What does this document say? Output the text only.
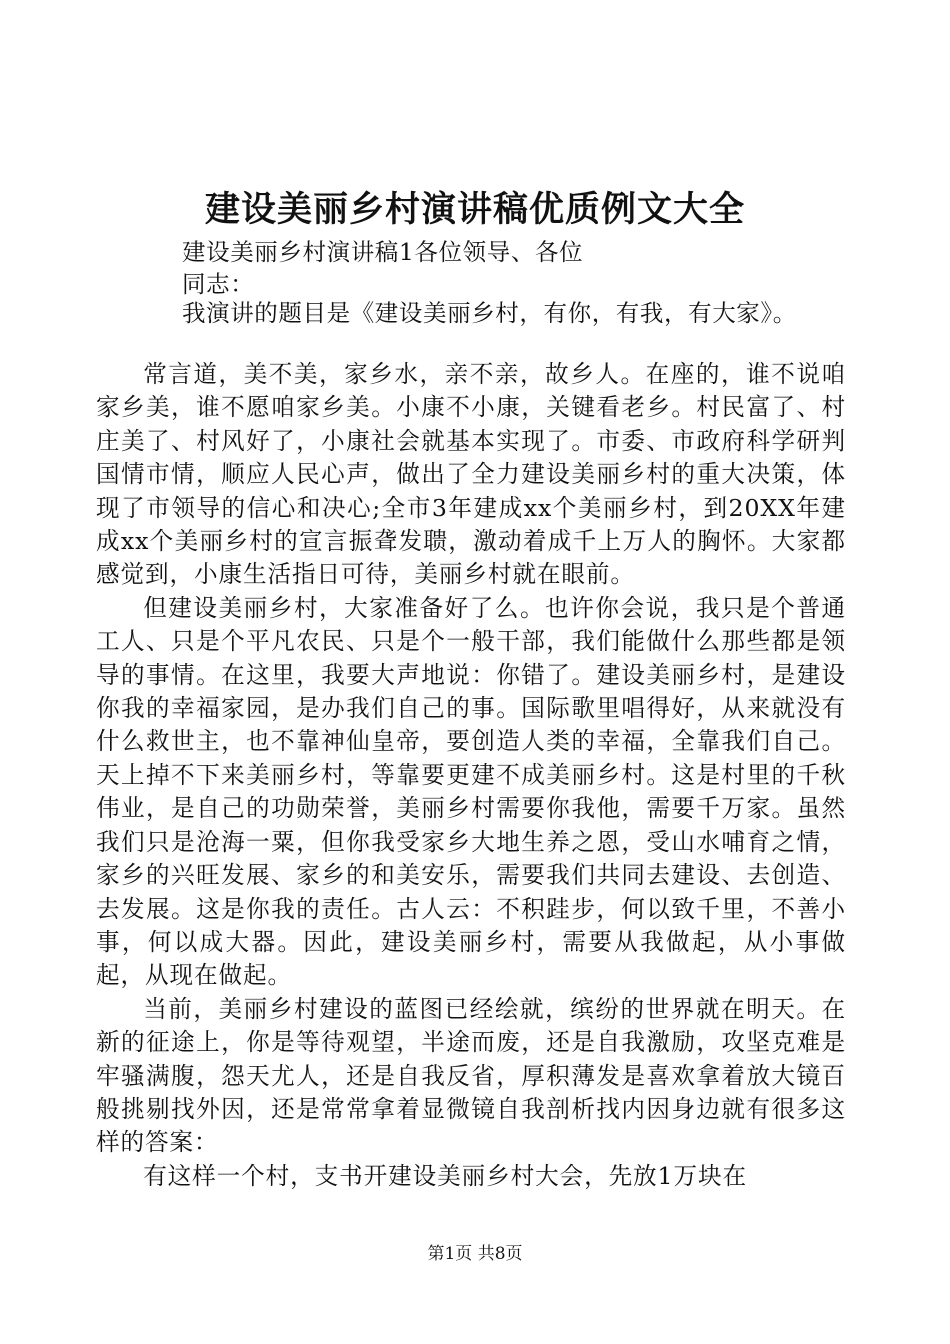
建设美丽乡村演讲稿优质例文大全

建设美丽乡村演讲稿1各位领导、各位

同志：

我演讲的题目是《建设美丽乡村，有你，有我，有大家》。

常言道，美不美，家乡水，亲不亲，故乡人。在座的，谁不说咱家乡美，谁不愿咱家乡美。小康不小康，关键看老乡。村民富了、村庄美了、村风好了，小康社会就基本实现了。市委、市政府科学研判国情市情，顺应人民心声，做出了全力建设美丽乡村的重大决策，体现了市领导的信心和决心;全市3年建成xx个美丽乡村，到20XX年建成xx个美丽乡村的宣言振聋发聩，激动着成千上万人的胸怀。大家都感觉到，小康生活指日可待，美丽乡村就在眼前。

但建设美丽乡村，大家准备好了么。也许你会说，我只是个普通工人、只是个平凡农民、只是个一般干部，我们能做什么那些都是领导的事情。在这里，我要大声地说：你错了。建设美丽乡村，是建设你我的幸福家园，是办我们自己的事。国际歌里唱得好，从来就没有什么救世主，也不靠神仙皇帝，要创造人类的幸福，全靠我们自己。天上掉不下来美丽乡村，等靠要更建不成美丽乡村。这是村里的千秋伟业，是自己的功勋荣誉，美丽乡村需要你我他，需要千万家。虽然我们只是沧海一粟，但你我受家乡大地生养之恩，受山水哺育之情，家乡的兴旺发展、家乡的和美安乐，需要我们共同去建设、去创造、去发展。这是你我的责任。古人云：不积跬步，何以致千里，不善小事，何以成大器。因此，建设美丽乡村，需要从我做起，从小事做起，从现在做起。

当前，美丽乡村建设的蓝图已经绘就，缤纷的世界就在明天。在新的征途上，你是等待观望，半途而废，还是自我激励，攻坚克难是牢骚满腹，怨天尤人，还是自我反省，厚积薄发是喜欢拿着放大镜百般挑剔找外因，还是常常拿着显微镜自我剖析找内因身边就有很多这样的答案：

有这样一个村，支书开建设美丽乡村大会，先放1万块在

第1页 共8页
